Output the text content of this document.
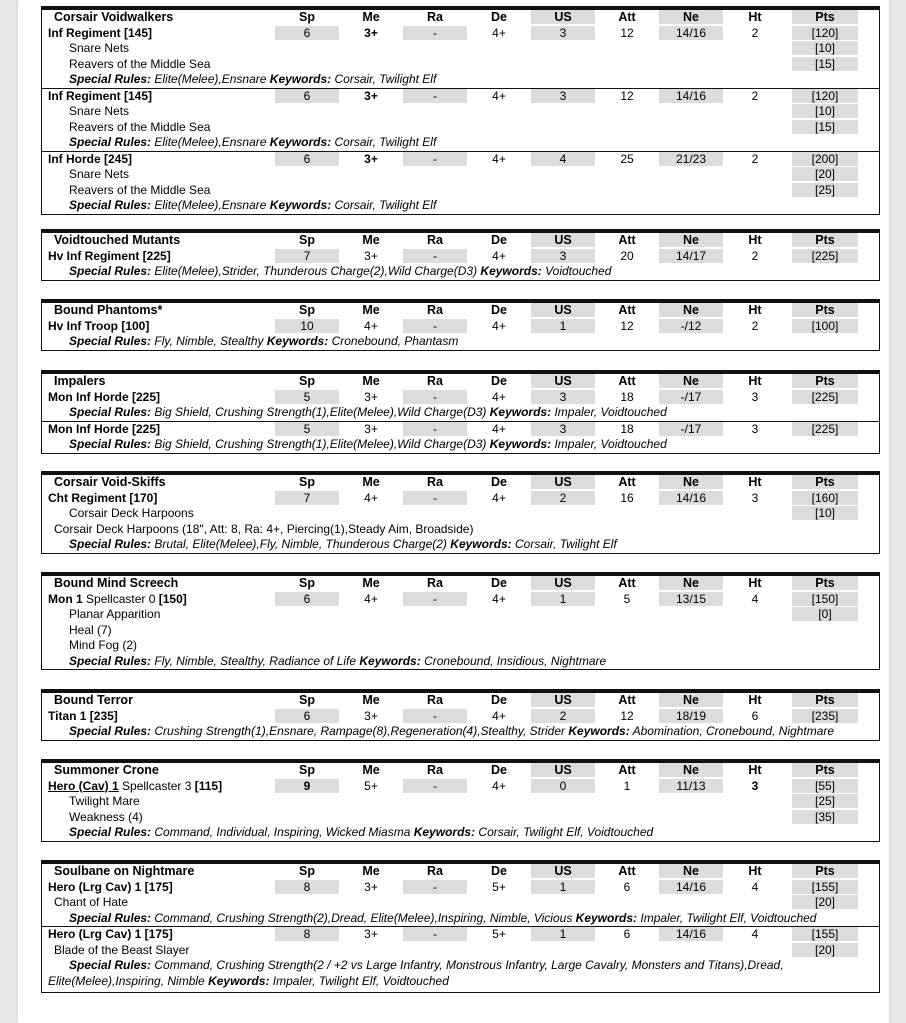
Corsair Voidwalkers	Sp	Me	Ra	De	US	Att	Ne	Ht	Pts
Inf Regiment [145]	6	3+	-	4+	3	12	14/16	2	[120]
Snare Nets	[10]
Reavers of the Middle Sea	[15]
Special Rules: Elite(Melee),Ensnare Keywords: Corsair, Twilight Elf
Inf Regiment [145]	6	3+	-	4+	3	12	14/16	2	[120]
Snare Nets	[10]
Reavers of the Middle Sea	[15]
Special Rules: Elite(Melee),Ensnare Keywords: Corsair, Twilight Elf
Inf Horde [245]	6	3+	-	4+	4	25	21/23	2	[200]
Snare Nets	[20]
Reavers of the Middle Sea	[25]
Special Rules: Elite(Melee),Ensnare Keywords: Corsair, Twilight Elf
Voidtouched Mutants	Sp	Me	Ra	De	US	Att	Ne	Ht	Pts
Hv Inf Regiment [225]	7	3+	-	4+	3	20	14/17	2	[225]
Special Rules: Elite(Melee),Strider, Thunderous Charge(2),Wild Charge(D3) Keywords: Voidtouched
Bound Phantoms*	Sp	Me	Ra	De	US	Att	Ne	Ht	Pts
Hv Inf Troop [100]	10	4+	-	4+	1	12	-/12	2	[100]
Special Rules: Fly, Nimble, Stealthy Keywords: Cronebound, Phantasm
Impalers	Sp	Me	Ra	De	US	Att	Ne	Ht	Pts
Mon Inf Horde [225]	5	3+	-	4+	3	18	-/17	3	[225]
Special Rules: Big Shield, Crushing Strength(1),Elite(Melee),Wild Charge(D3) Keywords: Impaler, Voidtouched
Mon Inf Horde [225]	5	3+	-	4+	3	18	-/17	3	[225]
Special Rules: Big Shield, Crushing Strength(1),Elite(Melee),Wild Charge(D3) Keywords: Impaler, Voidtouched
Corsair Void-Skiffs	Sp	Me	Ra	De	US	Att	Ne	Ht	Pts
Cht Regiment [170]	7	4+	-	4+	2	16	14/16	3	[160]
Corsair Deck Harpoons	[10]
Corsair Deck Harpoons (18", Att: 8, Ra: 4+, Piercing(1),Steady Aim, Broadside)
Special Rules: Brutal, Elite(Melee),Fly, Nimble, Thunderous Charge(2) Keywords: Corsair, Twilight Elf
Bound Mind Screech	Sp	Me	Ra	De	US	Att	Ne	Ht	Pts
Mon 1 Spellcaster 0 [150]	6	4+	-	4+	1	5	13/15	4	[150]
Planar Apparition	[0]
Heal (7)
Mind Fog (2)
Special Rules: Fly, Nimble, Stealthy, Radiance of Life Keywords: Cronebound, Insidious, Nightmare
Bound Terror	Sp	Me	Ra	De	US	Att	Ne	Ht	Pts
Titan 1 [235]	6	3+	-	4+	2	12	18/19	6	[235]
Special Rules: Crushing Strength(1),Ensnare, Rampage(8),Regeneration(4),Stealthy, Strider Keywords: Abomination, Cronebound, Nightmare
Summoner Crone	Sp	Me	Ra	De	US	Att	Ne	Ht	Pts
Hero (Cav) 1 Spellcaster 3 [115]	9	5+	-	4+	0	1	11/13	3	[55]
Twilight Mare	[25]
Weakness (4)	[35]
Special Rules: Command, Individual, Inspiring, Wicked Miasma Keywords: Corsair, Twilight Elf, Voidtouched
Soulbane on Nightmare	Sp	Me	Ra	De	US	Att	Ne	Ht	Pts
Hero (Lrg Cav) 1 [175]	8	3+	-	5+	1	6	14/16	4	[155]
Chant of Hate	[20]
Special Rules: Command, Crushing Strength(2),Dread, Elite(Melee),Inspiring, Nimble, Vicious Keywords: Impaler, Twilight Elf, Voidtouched
Hero (Lrg Cav) 1 [175]	8	3+	-	5+	1	6	14/16	4	[155]
Blade of the Beast Slayer	[20]
Special Rules: Command, Crushing Strength(2 / +2 vs Large Infantry, Monstrous Infantry, Large Cavalry, Monsters and Titans),Dread, Elite(Melee),Inspiring, Nimble Keywords: Impaler, Twilight Elf, Voidtouched
